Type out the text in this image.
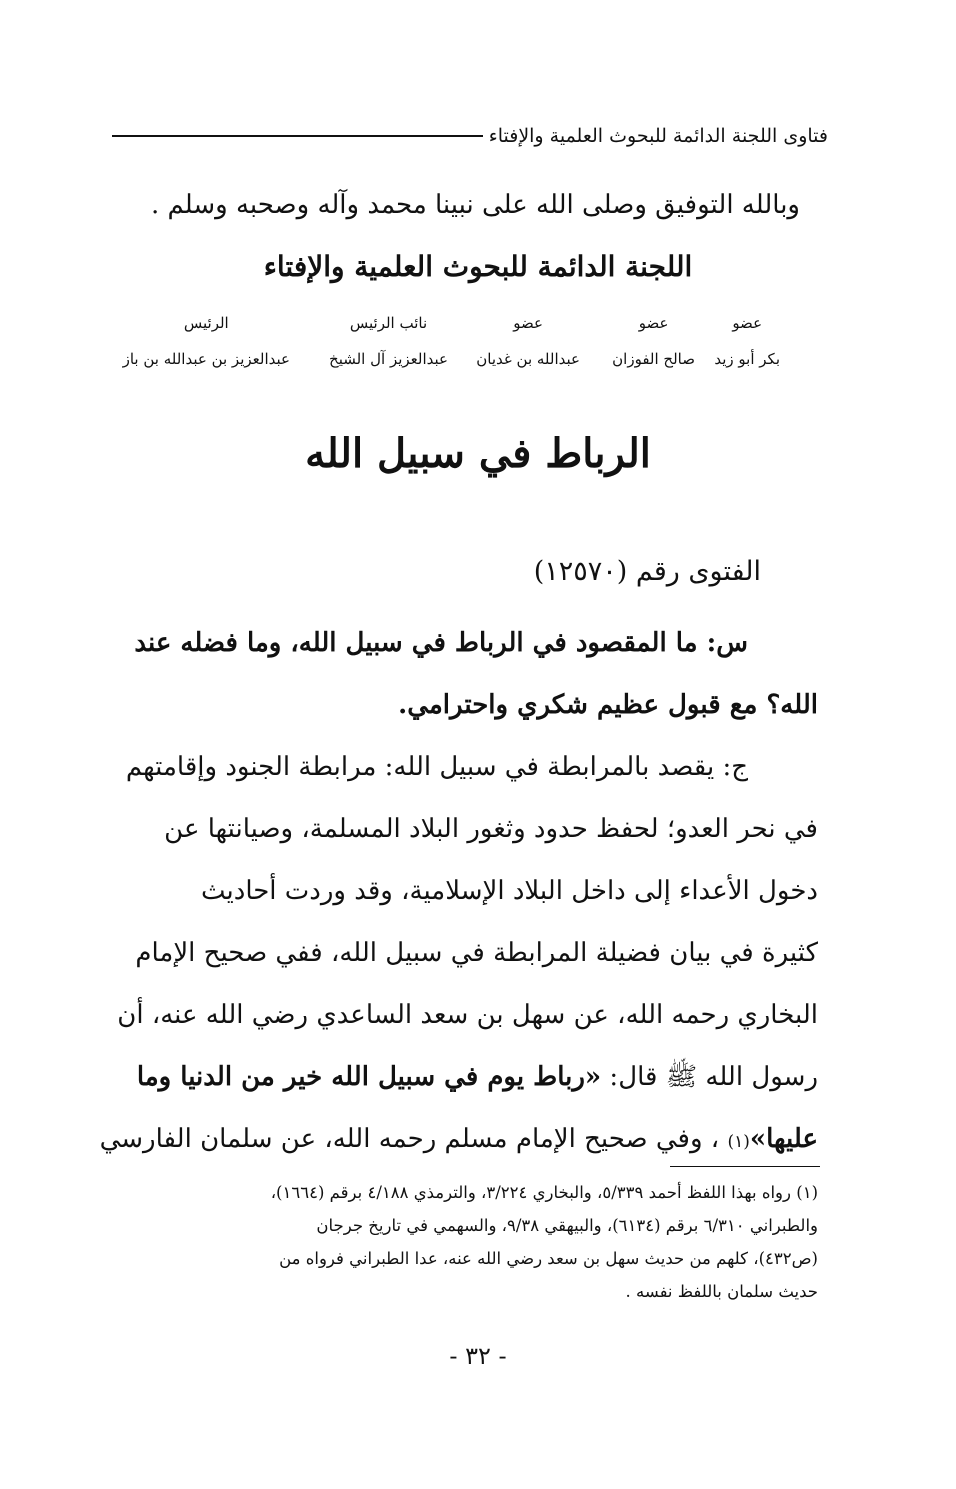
فتاوى اللجنة الدائمة للبحوث العلمية والإفتاء
وبالله التوفيق وصلى الله على نبينا محمد وآله وصحبه وسلم .
اللجنة الدائمة للبحوث العلمية والإفتاء
عضو
بكر أبو زيد
عضو
صالح الفوزان
عضو
عبدالله بن غديان
نائب الرئيس
عبدالعزيز آل الشيخ
الرئيس
عبدالعزيز بن عبدالله بن باز
الرباط في سبيل الله
الفتوى رقم (١٢٥٧٠)
س: ما المقصود في الرباط في سبيل الله، وما فضله عند
الله؟ مع قبول عظيم شكري واحترامي.
ج: يقصد بالمرابطة في سبيل الله: مرابطة الجنود وإقامتهم
في نحر العدو؛ لحفظ حدود وثغور البلاد المسلمة، وصيانتها عن
دخول الأعداء إلى داخل البلاد الإسلامية، وقد وردت أحاديث
كثيرة في بيان فضيلة المرابطة في سبيل الله، ففي صحيح الإمام
البخاري رحمه الله، عن سهل بن سعد الساعدي رضي الله عنه، أن
رسول الله ﷺ قال: «رباط يوم في سبيل الله خير من الدنيا وما
عليها»(١) ، وفي صحيح الإمام مسلم رحمه الله، عن سلمان الفارسي
(١) رواه بهذا اللفظ أحمد ٥/٣٣٩، والبخاري ٣/٢٢٤، والترمذي ٤/١٨٨ برقم (١٦٦٤)،
والطبراني ٦/٣١٠ برقم (٦١٣٤)، والبيهقي ٩/٣٨، والسهمي في تاريخ جرجان
(ص٤٣٢)، كلهم من حديث سهل بن سعد رضي الله عنه، عدا الطبراني فرواه من
حديث سلمان باللفظ نفسه .
- ٣٢ -
